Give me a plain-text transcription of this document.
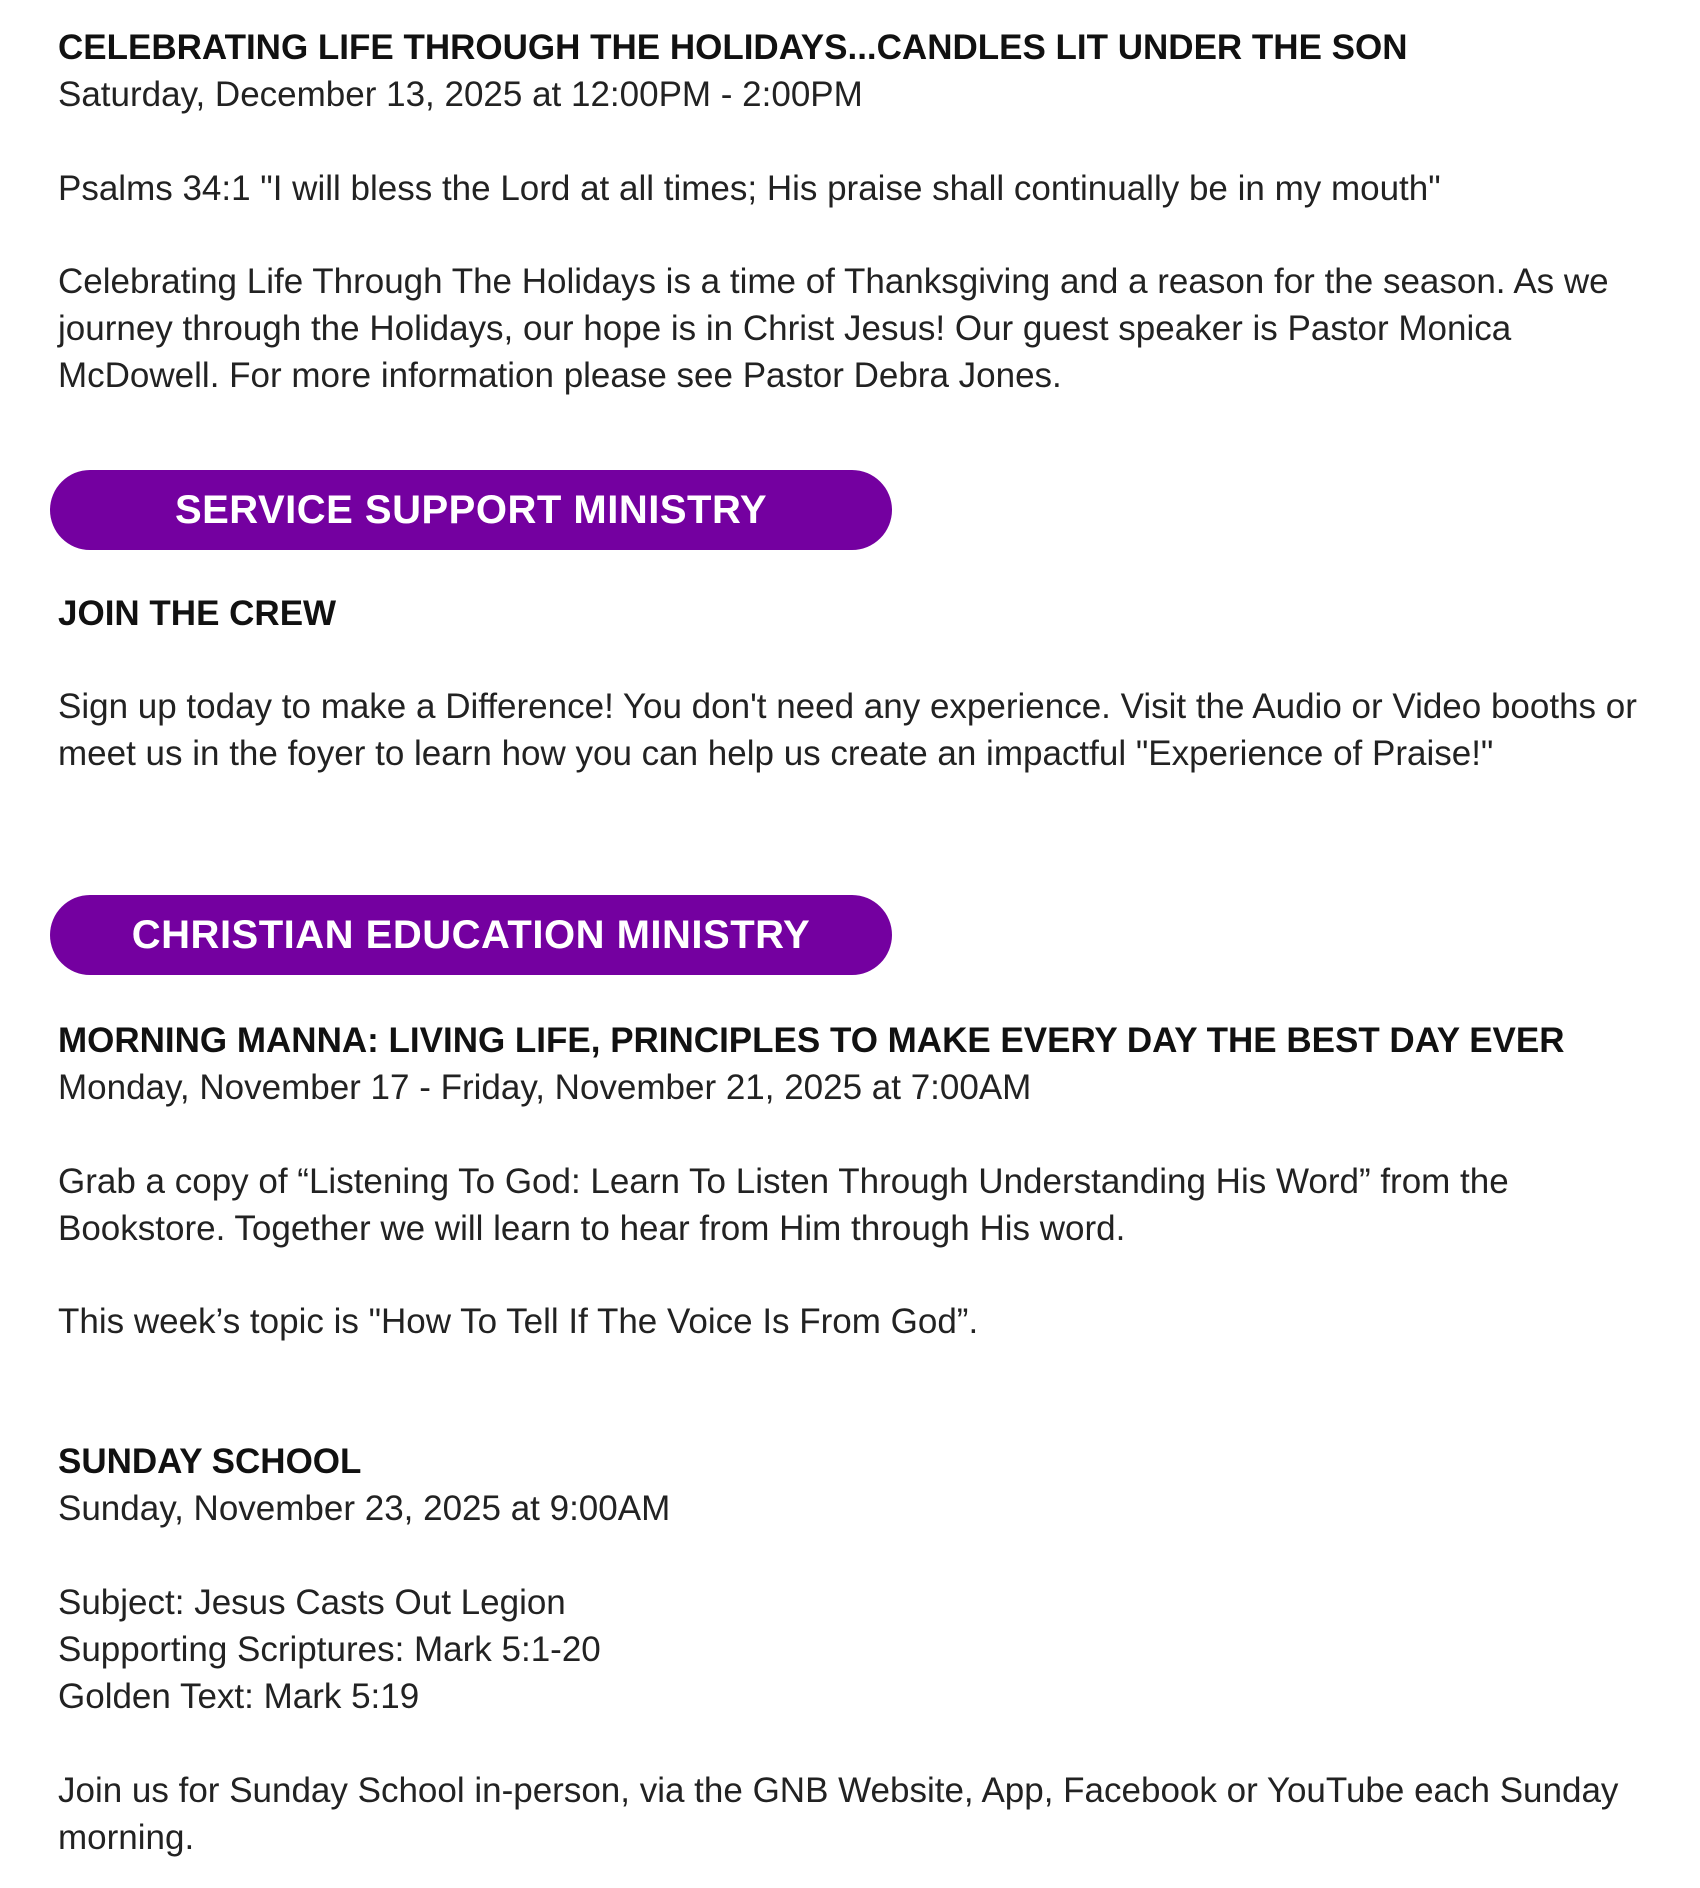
CELEBRATING LIFE THROUGH THE HOLIDAYS...CANDLES LIT UNDER THE SON

Saturday, December 13, 2025 at 12:00PM - 2:00PM

Psalms 34:1 "I will bless the Lord at all times; His praise shall continually be in my mouth"

Celebrating Life Through The Holidays is a time of Thanksgiving and a reason for the season. As we journey through the Holidays, our hope is in Christ Jesus! Our guest speaker is Pastor Monica McDowell. For more information please see Pastor Debra Jones.

SERVICE SUPPORT MINISTRY

JOIN THE CREW

Sign up today to make a Difference! You don't need any experience. Visit the Audio or Video booths or meet us in the foyer to learn how you can help us create an impactful "Experience of Praise!"

CHRISTIAN EDUCATION MINISTRY

MORNING MANNA: LIVING LIFE, PRINCIPLES TO MAKE EVERY DAY THE BEST DAY EVER

Monday, November 17 - Friday, November 21, 2025 at 7:00AM

Grab a copy of “Listening To God: Learn To Listen Through Understanding His Word” from the Bookstore. Together we will learn to hear from Him through His word.

This week’s topic is "How To Tell If The Voice Is From God”.

SUNDAY SCHOOL

Sunday, November 23, 2025 at 9:00AM

Subject: Jesus Casts Out Legion

Supporting Scriptures: Mark 5:1-20

Golden Text: Mark 5:19

Join us for Sunday School in-person, via the GNB Website, App, Facebook or YouTube each Sunday morning.
